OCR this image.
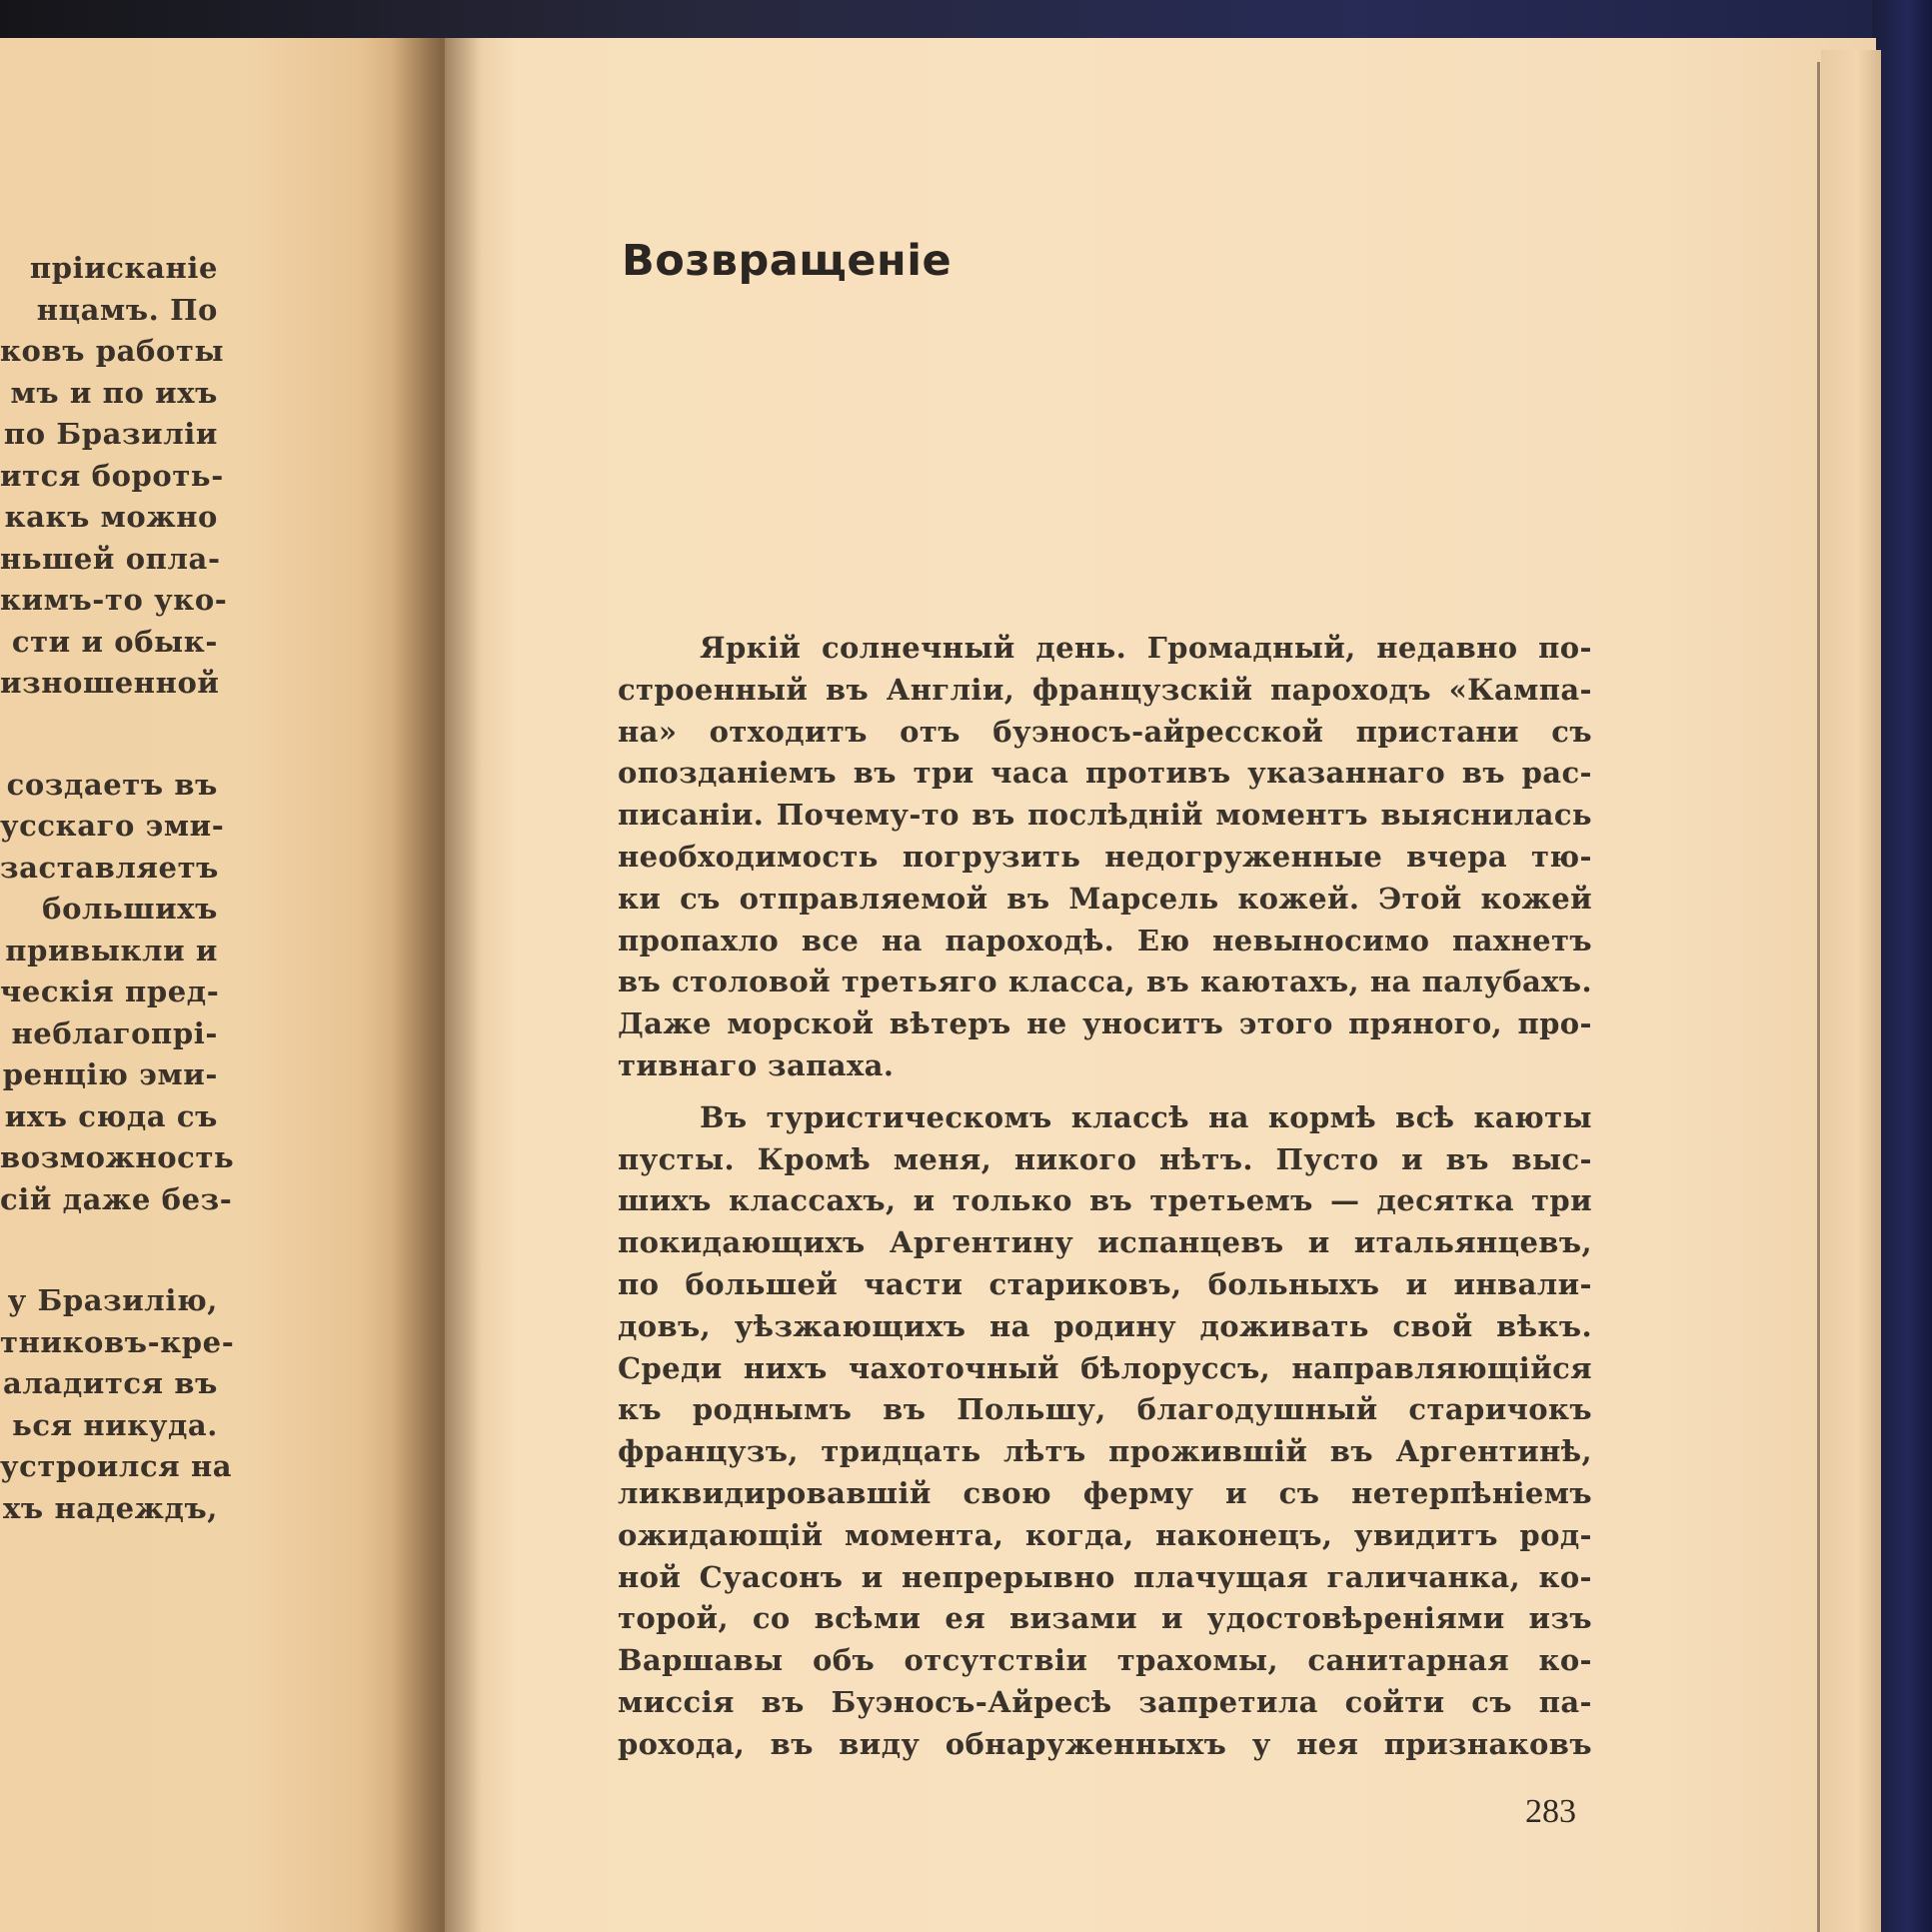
пріисканіе
нцамъ. По
ковъ работы
мъ и по ихъ
по Бразиліи
ится бороть-
какъ можно
ньшей опла-
кимъ-то уко-
сти и обык-
изношенной
создаетъ въ
усскаго эми-
заставляетъ
большихъ
привыкли и
ческія пред-
неблагопрі-
ренцію эми-
ихъ сюда съ
возможность
сій даже без-
у Бразилію,
тниковъ-кре-
аладится въ
ься никуда.
устроился на
хъ надеждъ,
Возвращеніе
Яркій солнечный день. Громадный, недавно по-
строенный въ Англіи, французскій пароходъ «Кампа-
на» отходитъ отъ буэносъ-айресской пристани съ
опозданіемъ въ три часа противъ указаннаго въ рас-
писаніи. Почему-то въ послѣдній моментъ выяснилась
необходимость погрузить недогруженные вчера тю-
ки съ отправляемой въ Марсель кожей. Этой кожей
пропахло все на пароходѣ. Ею невыносимо пахнетъ
въ столовой третьяго класса, въ каютахъ, на палубахъ.
Даже морской вѣтеръ не уноситъ этого пряного, про-
тивнаго запаха.
Въ туристическомъ классѣ на кормѣ всѣ каюты
пусты. Кромѣ меня, никого нѣтъ. Пусто и въ выс-
шихъ классахъ, и только въ третьемъ — десятка три
покидающихъ Аргентину испанцевъ и итальянцевъ,
по большей части стариковъ, больныхъ и инвали-
довъ, уѣзжающихъ на родину доживать свой вѣкъ.
Среди нихъ чахоточный бѣлоруссъ, направляющійся
къ роднымъ въ Польшу, благодушный старичокъ
французъ, тридцать лѣтъ прожившій въ Аргентинѣ,
ликвидировавшій свою ферму и съ нетерпѣніемъ
ожидающій момента, когда, наконецъ, увидитъ род-
ной Суасонъ и непрерывно плачущая галичанка, ко-
торой, со всѣми ея визами и удостовѣреніями изъ
Варшавы объ отсутствіи трахомы, санитарная ко-
миссія въ Буэносъ-Айресѣ запретила сойти съ па-
рохода, въ виду обнаруженныхъ у нея признаковъ
283
